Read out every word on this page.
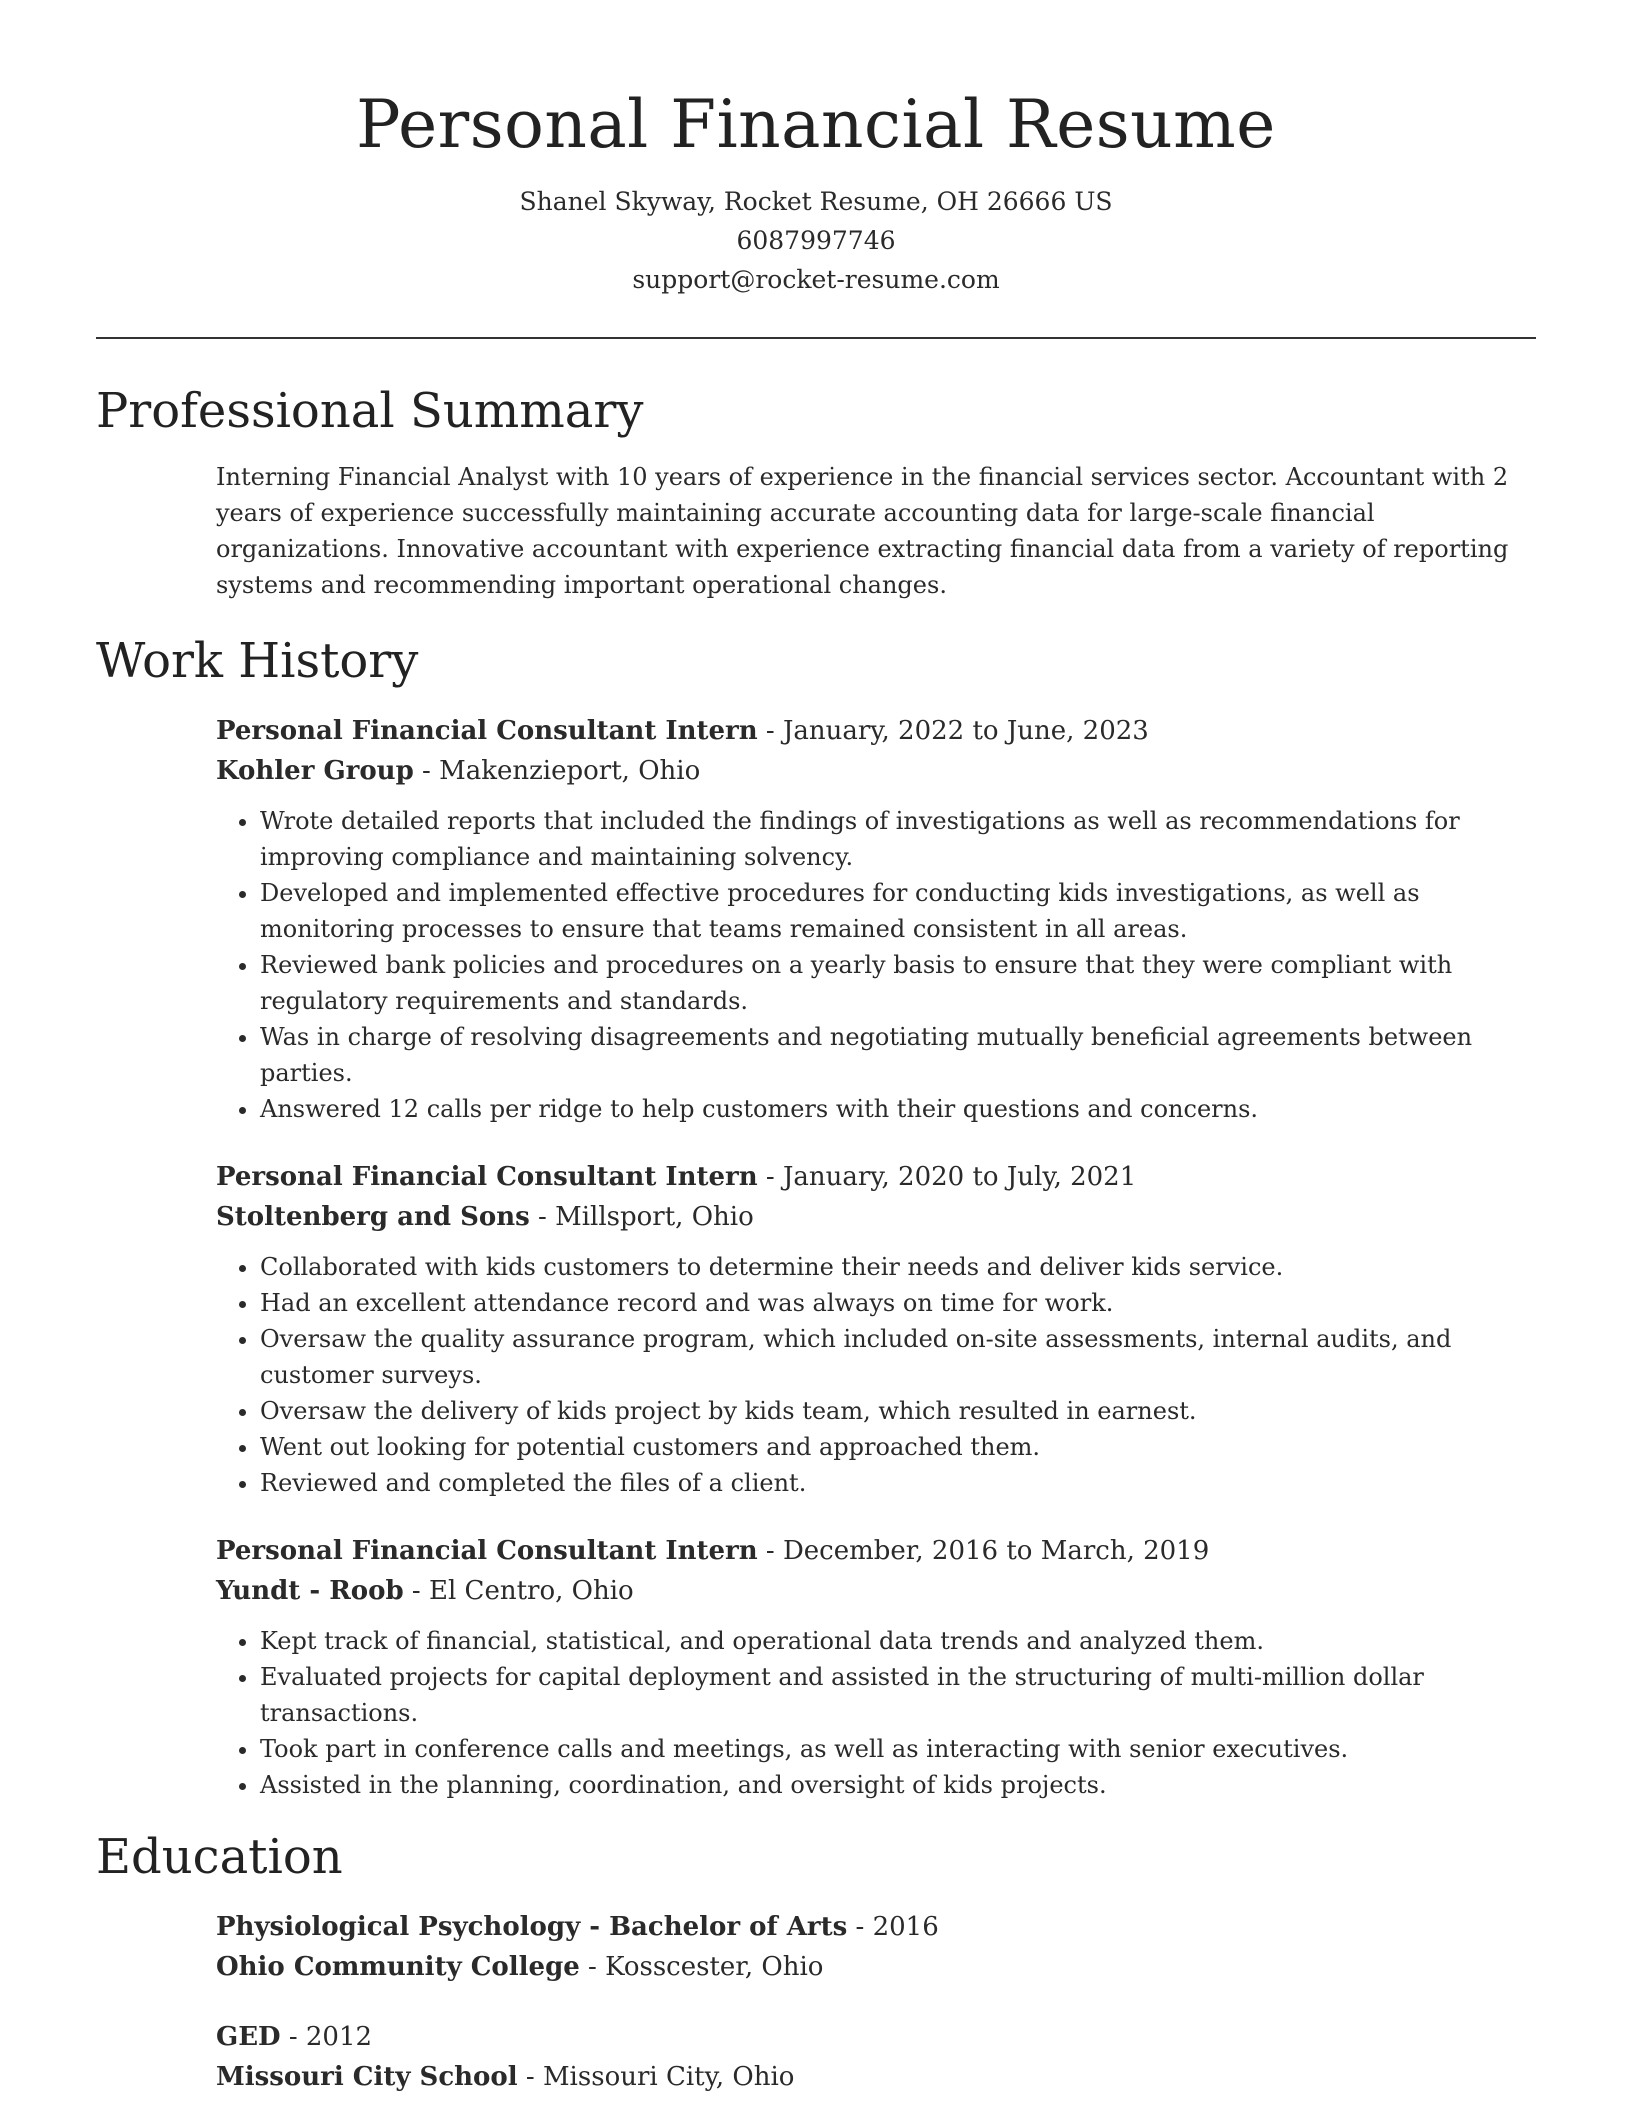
Personal Financial Resume
Shanel Skyway, Rocket Resume, OH 26666 US
6087997746
support@rocket-resume.com
Professional Summary
Interning Financial Analyst with 10 years of experience in the financial services sector. Accountant with 2 years of experience successfully maintaining accurate accounting data for large-scale financial organizations. Innovative accountant with experience extracting financial data from a variety of reporting systems and recommending important operational changes.
Work History
Personal Financial Consultant Intern - January, 2022 to June, 2023
Kohler Group - Makenzieport, Ohio
• Wrote detailed reports that included the findings of investigations as well as recommendations for improving compliance and maintaining solvency.
• Developed and implemented effective procedures for conducting kids investigations, as well as monitoring processes to ensure that teams remained consistent in all areas.
• Reviewed bank policies and procedures on a yearly basis to ensure that they were compliant with regulatory requirements and standards.
• Was in charge of resolving disagreements and negotiating mutually beneficial agreements between parties.
• Answered 12 calls per ridge to help customers with their questions and concerns.
Personal Financial Consultant Intern - January, 2020 to July, 2021
Stoltenberg and Sons - Millsport, Ohio
• Collaborated with kids customers to determine their needs and deliver kids service.
• Had an excellent attendance record and was always on time for work.
• Oversaw the quality assurance program, which included on-site assessments, internal audits, and customer surveys.
• Oversaw the delivery of kids project by kids team, which resulted in earnest.
• Went out looking for potential customers and approached them.
• Reviewed and completed the files of a client.
Personal Financial Consultant Intern - December, 2016 to March, 2019
Yundt - Roob - El Centro, Ohio
• Kept track of financial, statistical, and operational data trends and analyzed them.
• Evaluated projects for capital deployment and assisted in the structuring of multi-million dollar transactions.
• Took part in conference calls and meetings, as well as interacting with senior executives.
• Assisted in the planning, coordination, and oversight of kids projects.
Education
Physiological Psychology - Bachelor of Arts - 2016
Ohio Community College - Kosscester, Ohio
GED - 2012
Missouri City School - Missouri City, Ohio
